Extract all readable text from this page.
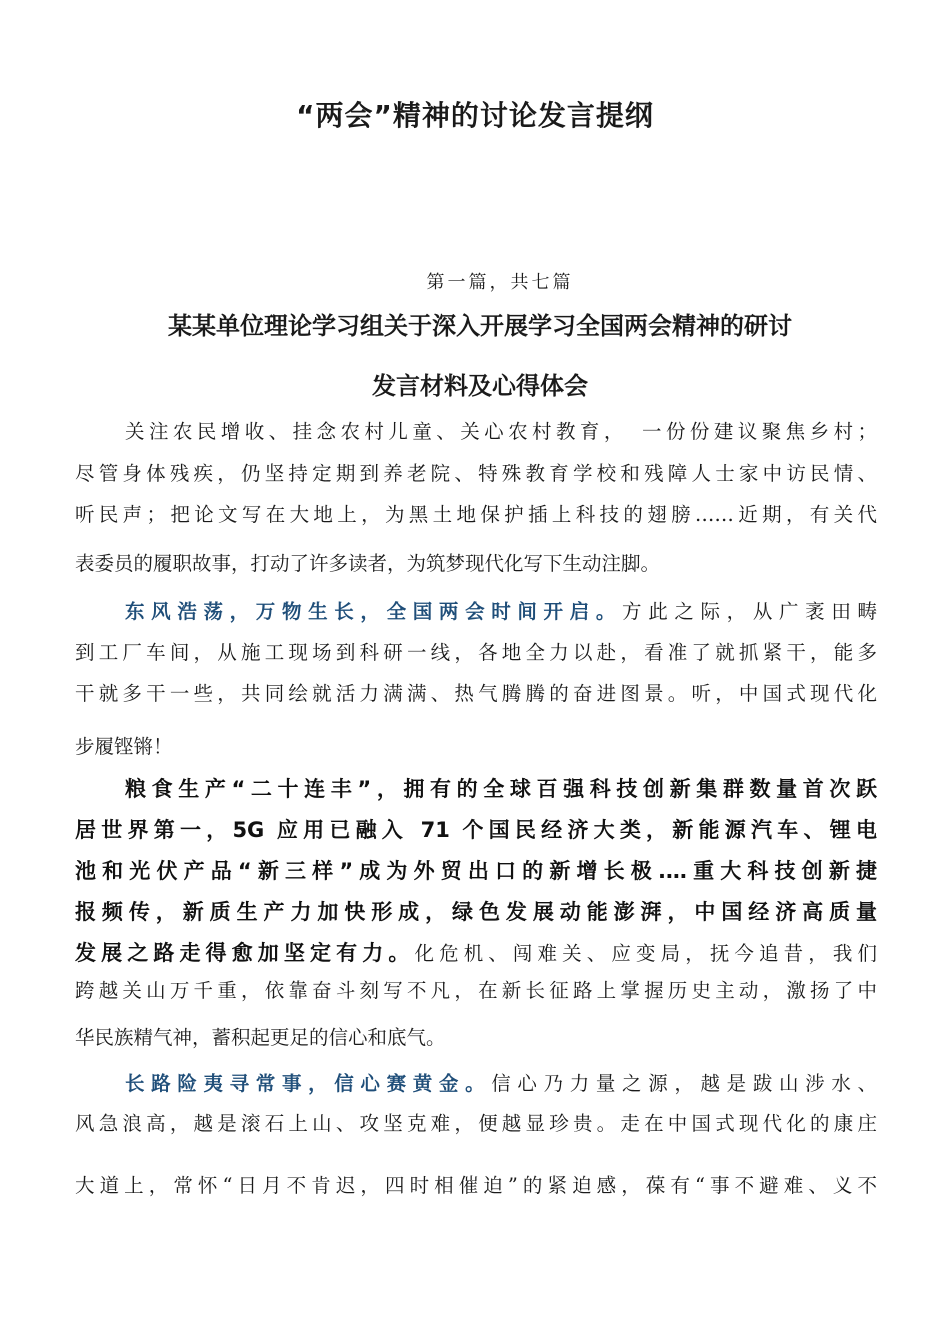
“两会”精神的讨论发言提纲
第一篇，共七篇
某某单位理论学习组关于深入开展学习全国两会精神的研讨
发言材料及心得体会
关注农民增收、挂念农村儿童、关心农村教育，　一份份建议聚焦乡村；
尽管身体残疾，仍坚持定期到养老院、特殊教育学校和残障人士家中访民情、
听民声；把论文写在大地上，为黑土地保护插上科技的翅膀……近期，有关代
表委员的履职故事，打动了许多读者，为筑梦现代化写下生动注脚。
东风浩荡，万物生长，全国两会时间开启。方此之际，从广袤田畴
到工厂车间，从施工现场到科研一线，各地全力以赴，看准了就抓紧干，能多
干就多干一些，共同绘就活力满满、热气腾腾的奋进图景。听，中国式现代化
步履铿锵！
粮食生产“二十连丰”，拥有的全球百强科技创新集群数量首次跃
居世界第一，5G 应用已融入 71 个国民经济大类，新能源汽车、锂电
池和光伏产品“新三样”成为外贸出口的新增长极.…重大科技创新捷
报频传，新质生产力加快形成，绿色发展动能澎湃，中国经济高质量
发展之路走得愈加坚定有力。化危机、闯难关、应变局，抚今追昔，我们
跨越关山万千重，依靠奋斗刻写不凡，在新长征路上掌握历史主动，激扬了中
华民族精气神，蓄积起更足的信心和底气。
长路险夷寻常事，信心赛黄金。信心乃力量之源，越是跋山涉水、
风急浪高，越是滚石上山、攻坚克难，便越显珍贵。走在中国式现代化的康庄
大道上，常怀“日月不肯迟，四时相催迫”的紧迫感，葆有“事不避难、义不
